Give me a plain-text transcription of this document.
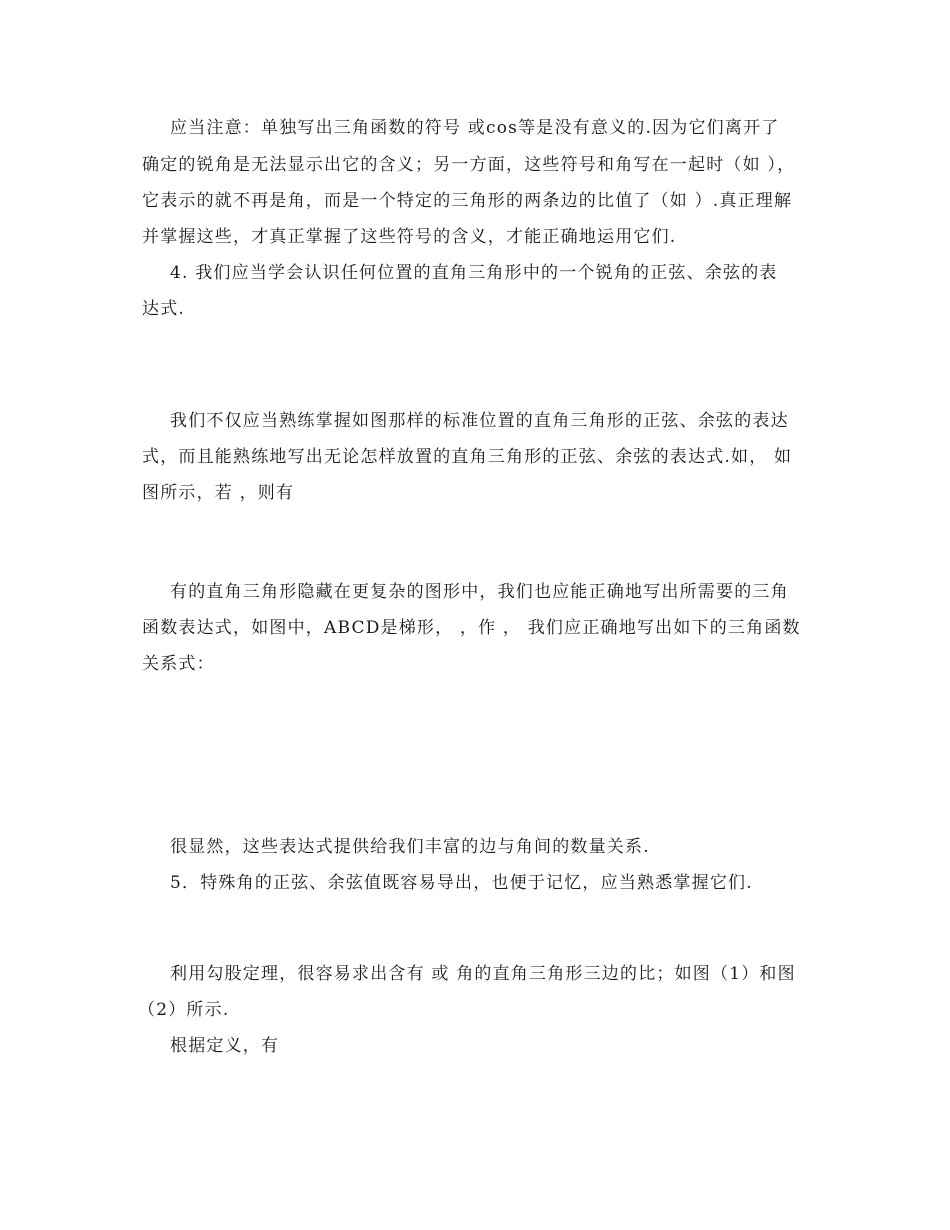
应当注意：单独写出三角函数的符号 或cos等是没有意义的.因为它们离开了
确定的锐角是无法显示出它的含义；另一方面，这些符号和角写在一起时（如 ），
它表示的就不再是角，而是一个特定的三角形的两条边的比值了（如 ）.真正理解
并掌握这些，才真正掌握了这些符号的含义，才能正确地运用它们.
4. 我们应当学会认识任何位置的直角三角形中的一个锐角的正弦、余弦的表
达式.
我们不仅应当熟练掌握如图那样的标准位置的直角三角形的正弦、余弦的表达
式，而且能熟练地写出无论怎样放置的直角三角形的正弦、余弦的表达式.如， 如
图所示，若 ，则有
有的直角三角形隐藏在更复杂的图形中，我们也应能正确地写出所需要的三角
函数表达式，如图中，ABCD是梯形， ，作 ， 我们应正确地写出如下的三角函数
关系式：
很显然，这些表达式提供给我们丰富的边与角间的数量关系.
5．特殊角的正弦、余弦值既容易导出，也便于记忆，应当熟悉掌握它们.
利用勾股定理，很容易求出含有 或 角的直角三角形三边的比；如图（1）和图
（2）所示.
根据定义，有
